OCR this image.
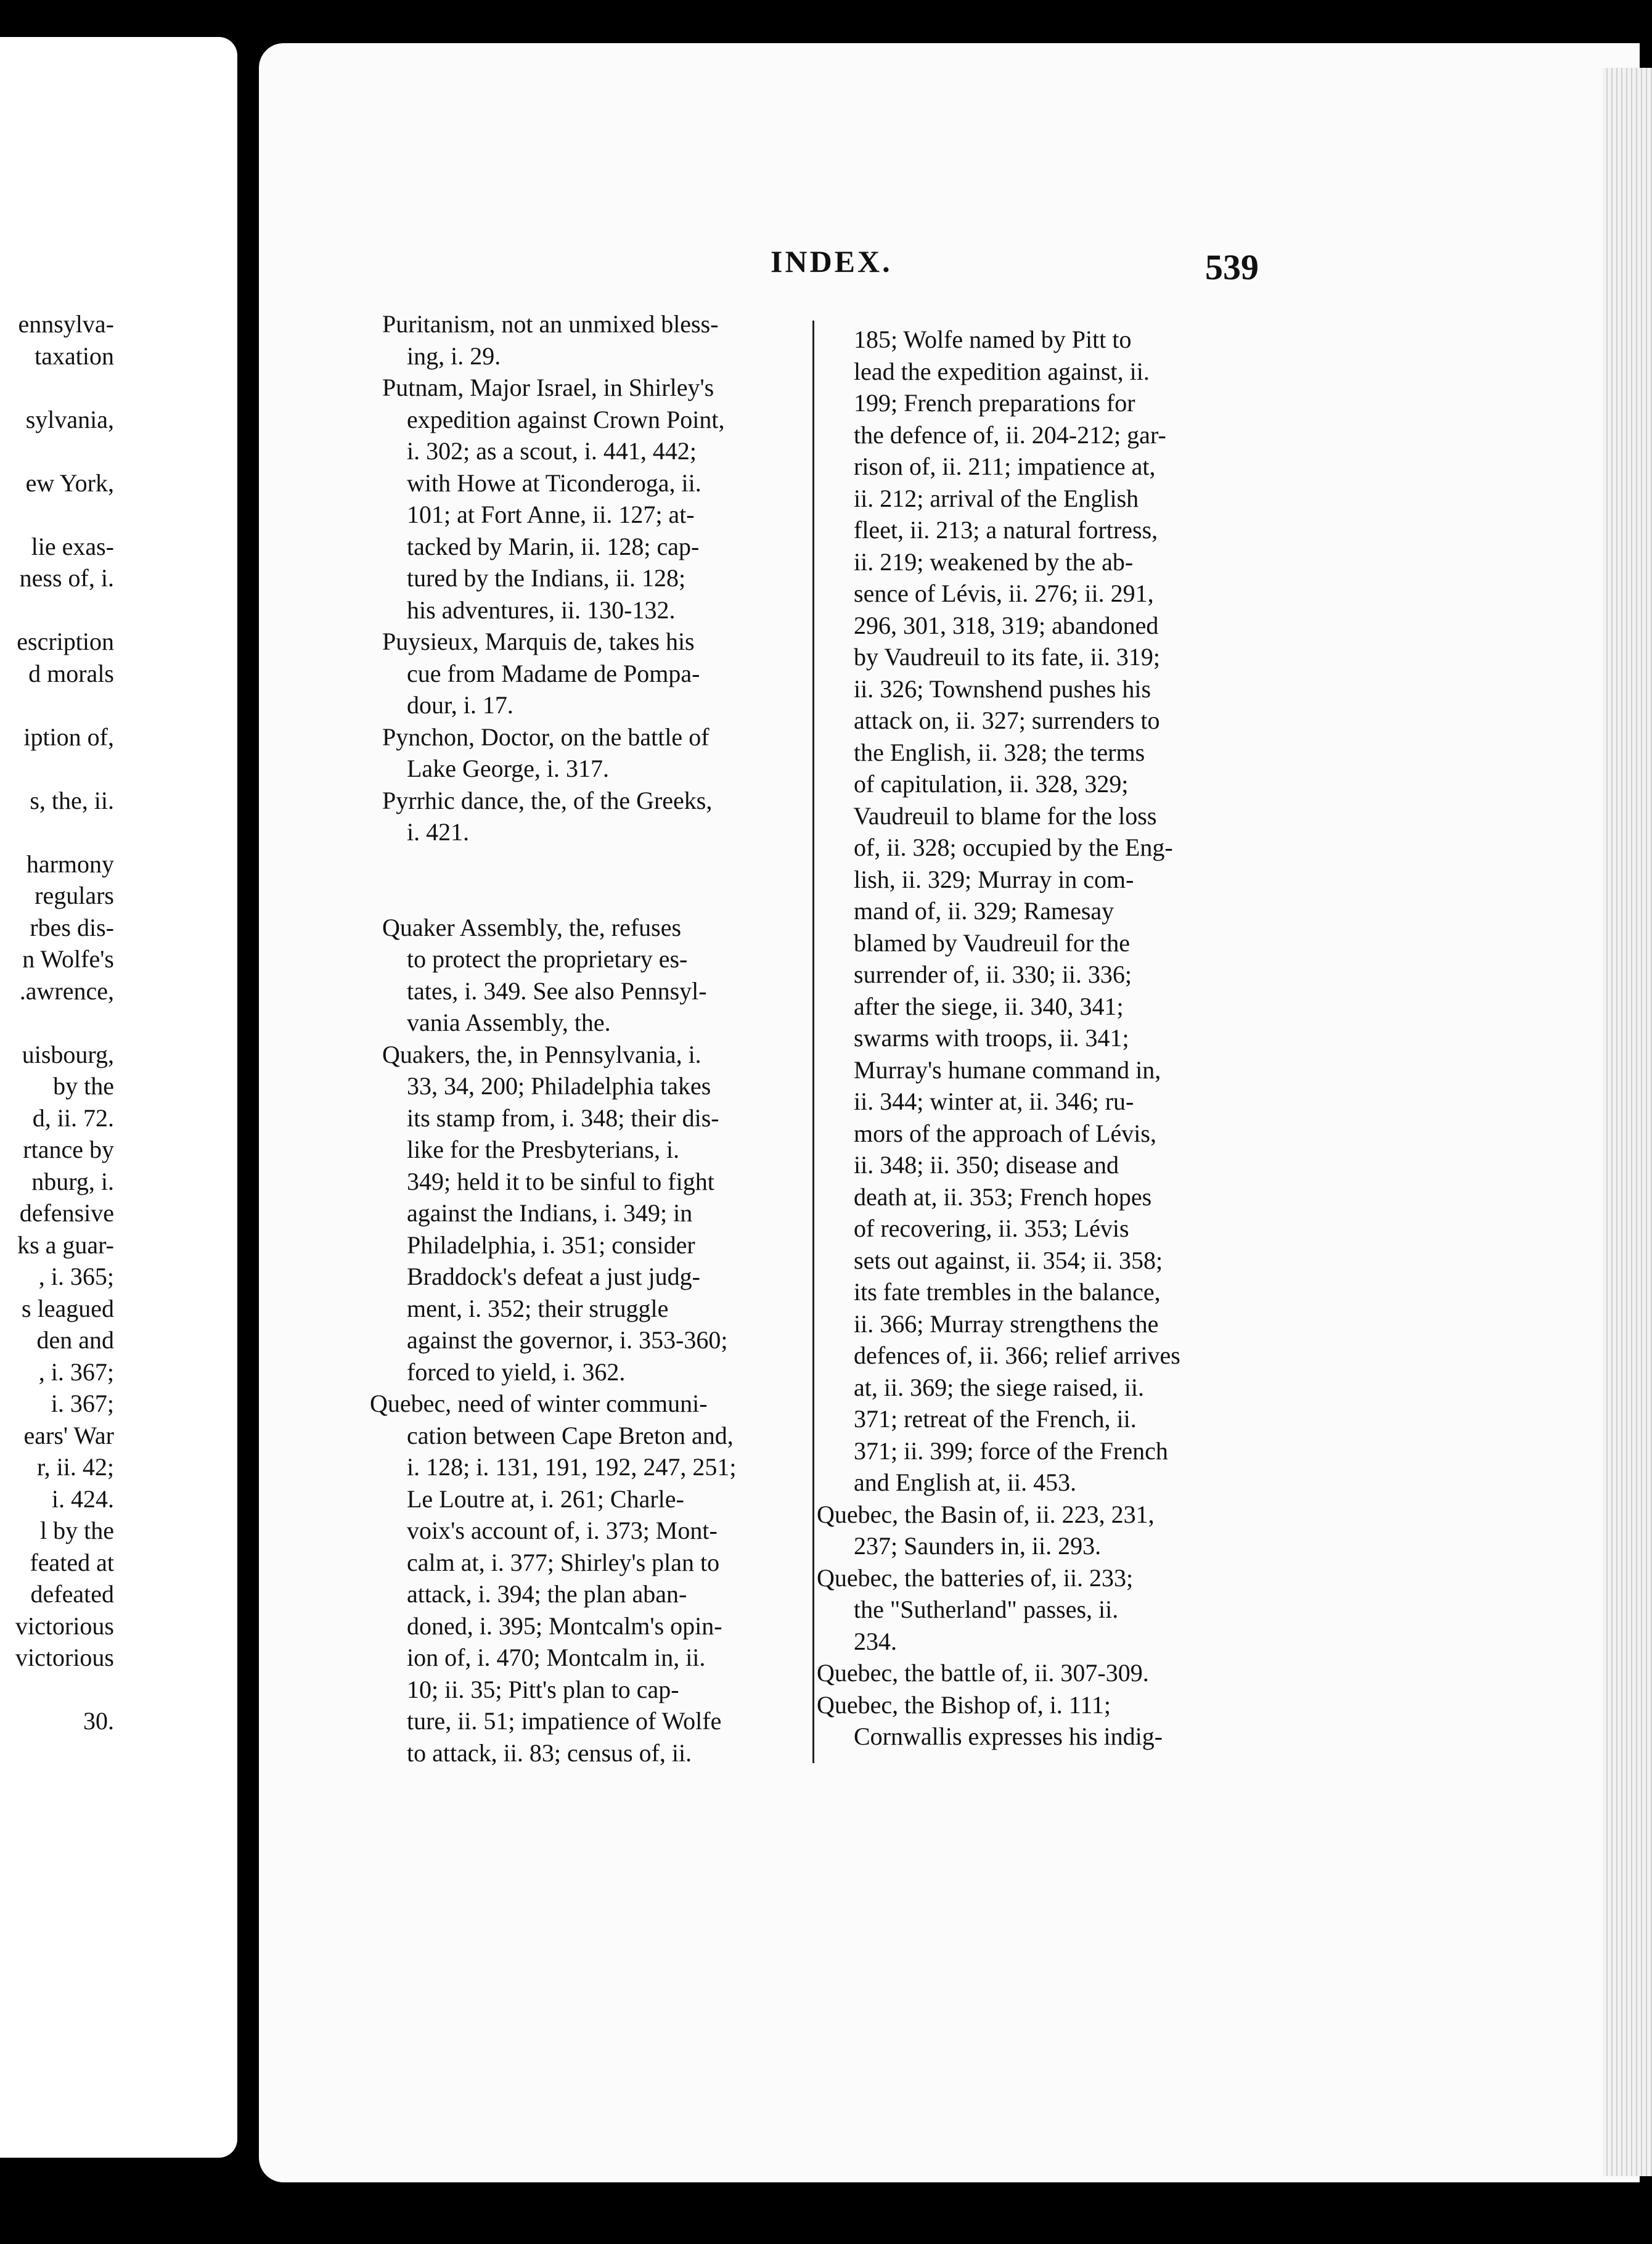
ennsylva-
taxation
sylvania,
ew York,
lie exas-
ness of, i.
escription
d morals
iption of,
s, the, ii.
harmony
regulars
rbes dis-
n Wolfe's
.awrence,
uisbourg,
by the
d, ii. 72.
rtance by
nburg, i.
defensive
ks a guar-
, i. 365;
s leagued
den and
, i. 367;
i. 367;
ears' War
r, ii. 42;
i. 424.
l by the
feated at
defeated
victorious
victorious
30.
INDEX.	539
Puritanism, not an unmixed bless-
ing, i. 29.
Putnam, Major Israel, in Shirley's
expedition against Crown Point,
i. 302; as a scout, i. 441, 442;
with Howe at Ticonderoga, ii.
101; at Fort Anne, ii. 127; at-
tacked by Marin, ii. 128; cap-
tured by the Indians, ii. 128;
his adventures, ii. 130-132.
Puysieux, Marquis de, takes his
cue from Madame de Pompa-
dour, i. 17.
Pynchon, Doctor, on the battle of
Lake George, i. 317.
Pyrrhic dance, the, of the Greeks,
i. 421.
Quaker Assembly, the, refuses
to protect the proprietary es-
tates, i. 349. See also Pennsyl-
vania Assembly, the.
Quakers, the, in Pennsylvania, i.
33, 34, 200; Philadelphia takes
its stamp from, i. 348; their dis-
like for the Presbyterians, i.
349; held it to be sinful to fight
against the Indians, i. 349; in
Philadelphia, i. 351; consider
Braddock's defeat a just judg-
ment, i. 352; their struggle
against the governor, i. 353-360;
forced to yield, i. 362.
Quebec, need of winter communi-
cation between Cape Breton and,
i. 128; i. 131, 191, 192, 247, 251;
Le Loutre at, i. 261; Charle-
voix's account of, i. 373; Mont-
calm at, i. 377; Shirley's plan to
attack, i. 394; the plan aban-
doned, i. 395; Montcalm's opin-
ion of, i. 470; Montcalm in, ii.
10; ii. 35; Pitt's plan to cap-
ture, ii. 51; impatience of Wolfe
to attack, ii. 83; census of, ii.
185; Wolfe named by Pitt to
lead the expedition against, ii.
199; French preparations for
the defence of, ii. 204-212; gar-
rison of, ii. 211; impatience at,
ii. 212; arrival of the English
fleet, ii. 213; a natural fortress,
ii. 219; weakened by the ab-
sence of Lévis, ii. 276; ii. 291,
296, 301, 318, 319; abandoned
by Vaudreuil to its fate, ii. 319;
ii. 326; Townshend pushes his
attack on, ii. 327; surrenders to
the English, ii. 328; the terms
of capitulation, ii. 328, 329;
Vaudreuil to blame for the loss
of, ii. 328; occupied by the Eng-
lish, ii. 329; Murray in com-
mand of, ii. 329; Ramesay
blamed by Vaudreuil for the
surrender of, ii. 330; ii. 336;
after the siege, ii. 340, 341;
swarms with troops, ii. 341;
Murray's humane command in,
ii. 344; winter at, ii. 346; ru-
mors of the approach of Lévis,
ii. 348; ii. 350; disease and
death at, ii. 353; French hopes
of recovering, ii. 353; Lévis
sets out against, ii. 354; ii. 358;
its fate trembles in the balance,
ii. 366; Murray strengthens the
defences of, ii. 366; relief arrives
at, ii. 369; the siege raised, ii.
371; retreat of the French, ii.
371; ii. 399; force of the French
and English at, ii. 453.
Quebec, the Basin of, ii. 223, 231,
237; Saunders in, ii. 293.
Quebec, the batteries of, ii. 233;
the "Sutherland" passes, ii.
234.
Quebec, the battle of, ii. 307-309.
Quebec, the Bishop of, i. 111;
Cornwallis expresses his indig-
